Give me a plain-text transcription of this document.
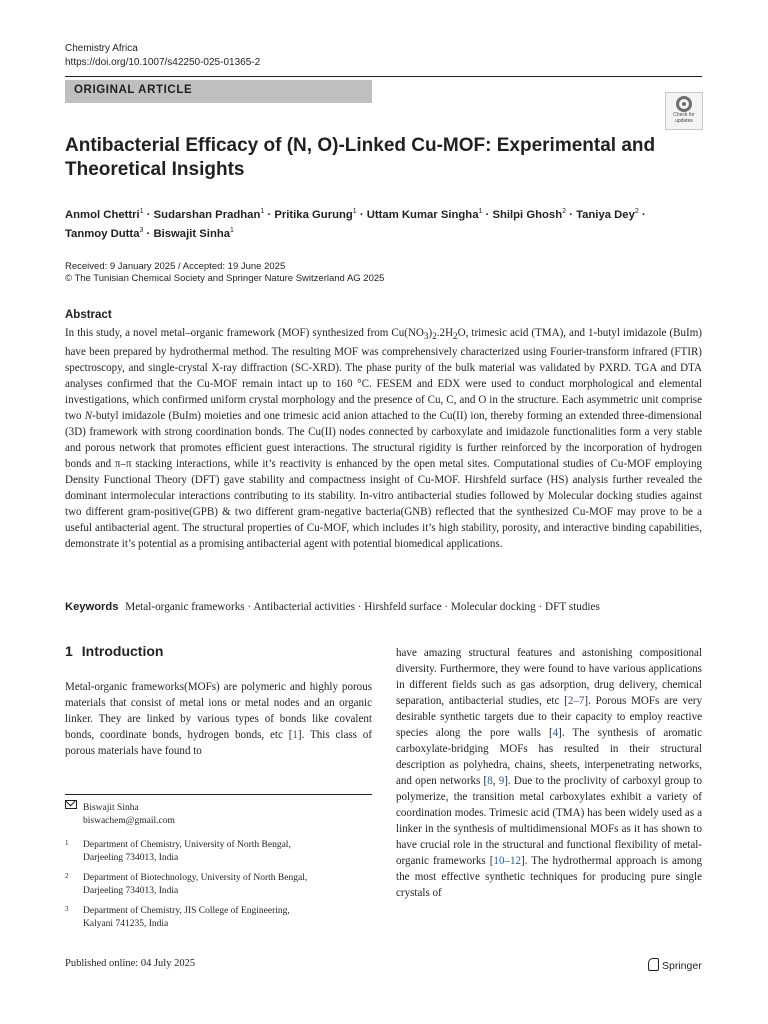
Chemistry Africa
https://doi.org/10.1007/s42250-025-01365-2
ORIGINAL ARTICLE
Check for
updates
Antibacterial Efficacy of (N, O)-Linked Cu-MOF: Experimental and Theoretical Insights
Anmol Chettri$^1$ · Sudarshan Pradhan$^1$ · Pritika Gurung$^1$ · Uttam Kumar Singha$^1$ · Shilpi Ghosh$^2$ · Taniya Dey$^2$ ·
Tanmoy Dutta$^3$ · Biswajit Sinha$^1$
Received: 9 January 2025 / Accepted: 19 June 2025
© The Tunisian Chemical Society and Springer Nature Switzerland AG 2025
Abstract

In this study, a novel metal–organic framework (MOF) synthesized from $Cu(NO_3)_2.2H_2O$, trimesic acid (TMA), and 1-butyl imidazole (BuIm) have been prepared by hydrothermal method. The resulting MOF was comprehensively characterized using Fourier-transform infrared (FTIR) spectroscopy, and single-crystal X-ray diffraction (SC-XRD). The phase purity of the bulk material was validated by PXRD. TGA and DTA analyses confirmed that the Cu-MOF remain intact up to 160 °C. FESEM and EDX were used to conduct morphological and elemental investigations, which confirmed uniform crystal morphology and the presence of Cu, C, and O in the structure. Each asymmetric unit comprise two N-butyl imidazole (BuIm) moieties and one trimesic acid anion attached to the Cu(II) ion, thereby forming an extended three-dimensional (3D) framework with strong coordination bonds. The Cu(II) nodes connected by carboxylate and imidazole functionalities form a very stable and porous network that promotes efficient guest interactions. The structural rigidity is further reinforced by the incorporation of hydrogen bonds and π–π stacking interactions, while it’s reactivity is enhanced by the open metal sites. Computational studies of Cu-MOF employing Density Functional Theory (DFT) gave stability and compactness insight of Cu-MOF. Hirshfeld surface (HS) analysis further revealed the dominant intermolecular interactions contributing to its stability. In-vitro antibacterial studies followed by Molecular docking studies against two different gram-positive(GPB) & two different gram-negative bacteria(GNB) reflected that the synthesized Cu-MOF may prove to be a useful antibacterial agent. The structural properties of Cu-MOF, which includes it’s high stability, porosity, and interactive binding capabilities, demonstrate it’s potential as a promising antibacterial agent with potential biomedical applications.

Keywords Metal-organic frameworks · Antibacterial activities · Hirshfeld surface · Molecular docking · DFT studies
1 Introduction

Metal-organic frameworks(MOFs) are polymeric and highly porous materials that consist of metal ions or metal nodes and an organic linker. They are linked by various types of bonds like covalent bonds, coordinate bonds, hydrogen bonds, etc [1]. This class of porous materials have found to

have amazing structural features and astonishing compositional diversity. Furthermore, they were found to have various applications in different fields such as gas adsorption, drug delivery, chemical separation, antibacterial studies, etc [2–7]. Porous MOFs are very desirable synthetic targets due to their capacity to employ reactive species along the pore walls [4]. The synthesis of aromatic carboxylate-bridging MOFs has resulted in their structural description as polyhedra, chains, sheets, interpenetrating networks, and open networks [8, 9]. Due to the proclivity of carboxyl group to polymerize, the transition metal carboxylates exhibit a variety of coordination modes. Trimesic acid (TMA) has been widely used as a linker in the synthesis of multidimensional MOFs as it has shown to have crucial role in the structural and functional flexibility of metal-organic frameworks [10–12]. The hydrothermal approach is among the most effective synthetic techniques for producing pure single crystals of

Biswajit Sinha
biswachem@gmail.com
1	Department of Chemistry, University of North Bengal,
Darjeeling 734013, India
2	Department of Biotechnology, University of North Bengal,
Darjeeling 734013, India
3	Department of Chemistry, JIS College of Engineering,
Kalyani 741235, India
Published online: 04 July 2025	Springer
